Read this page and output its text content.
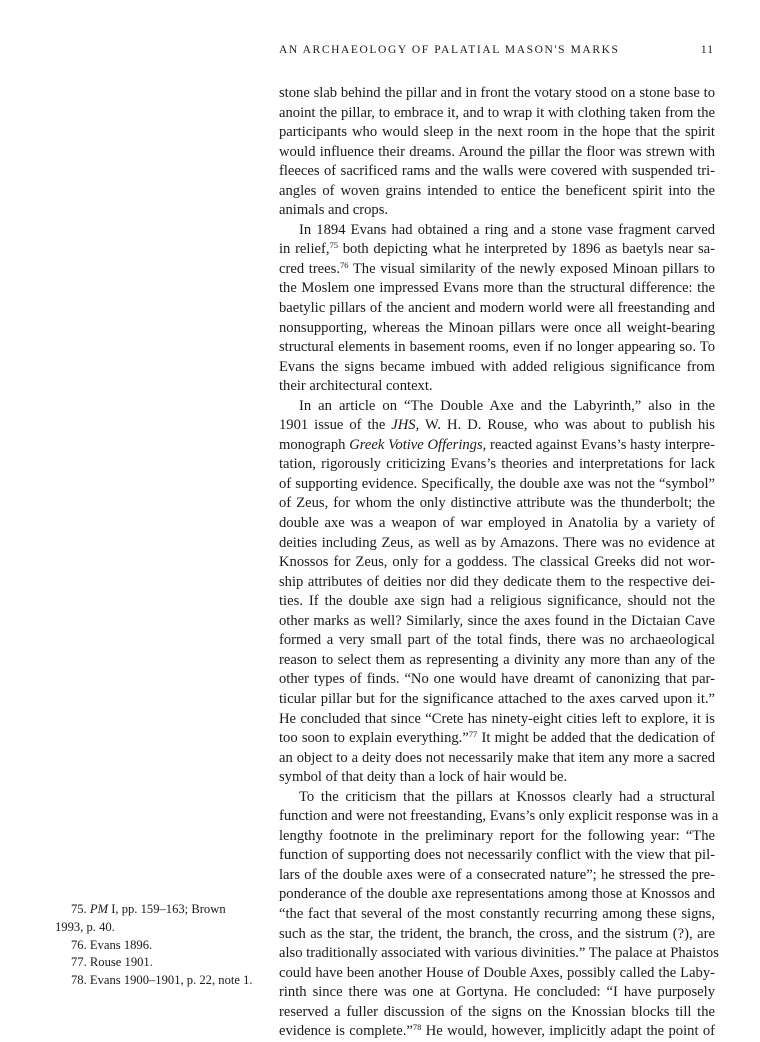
AN ARCHAEOLOGY OF PALATIAL MASON'S MARKS	11
stone slab behind the pillar and in front the votary stood on a stone base to
anoint the pillar, to embrace it, and to wrap it with clothing taken from the
participants who would sleep in the next room in the hope that the spirit
would influence their dreams. Around the pillar the floor was strewn with
fleeces of sacrificed rams and the walls were covered with suspended tri-
angles of woven grains intended to entice the beneficent spirit into the
animals and crops.
In 1894 Evans had obtained a ring and a stone vase fragment carved
in relief,$^{75}$ both depicting what he interpreted by 1896 as baetyls near sa-
cred trees.$^{76}$ The visual similarity of the newly exposed Minoan pillars to
the Moslem one impressed Evans more than the structural difference: the
baetylic pillars of the ancient and modern world were all freestanding and
nonsupporting, whereas the Minoan pillars were once all weight-bearing
structural elements in basement rooms, even if no longer appearing so. To
Evans the signs became imbued with added religious significance from
their architectural context.
In an article on “The Double Axe and the Labyrinth,” also in the
1901 issue of the JHS, W. H. D. Rouse, who was about to publish his
monograph Greek Votive Offerings, reacted against Evans’s hasty interpre-
tation, rigorously criticizing Evans’s theories and interpretations for lack
of supporting evidence. Specifically, the double axe was not the “symbol”
of Zeus, for whom the only distinctive attribute was the thunderbolt; the
double axe was a weapon of war employed in Anatolia by a variety of
deities including Zeus, as well as by Amazons. There was no evidence at
Knossos for Zeus, only for a goddess. The classical Greeks did not wor-
ship attributes of deities nor did they dedicate them to the respective dei-
ties. If the double axe sign had a religious significance, should not the
other marks as well? Similarly, since the axes found in the Dictaian Cave
formed a very small part of the total finds, there was no archaeological
reason to select them as representing a divinity any more than any of the
other types of finds. “No one would have dreamt of canonizing that par-
ticular pillar but for the significance attached to the axes carved upon it.”
He concluded that since “Crete has ninety-eight cities left to explore, it is
too soon to explain everything.”$^{77}$ It might be added that the dedication of
an object to a deity does not necessarily make that item any more a sacred
symbol of that deity than a lock of hair would be.
To the criticism that the pillars at Knossos clearly had a structural
function and were not freestanding, Evans’s only explicit response was in a
lengthy footnote in the preliminary report for the following year: “The
function of supporting does not necessarily conflict with the view that pil-
lars of the double axes were of a consecrated nature”; he stressed the pre-
ponderance of the double axe representations among those at Knossos and
“the fact that several of the most constantly recurring among these signs,
such as the star, the trident, the branch, the cross, and the sistrum (?), are
also traditionally associated with various divinities.” The palace at Phaistos
could have been another House of Double Axes, possibly called the Laby-
rinth since there was one at Gortyna. He concluded: “I have purposely
reserved a fuller discussion of the signs on the Knossian blocks till the
evidence is complete.”$^{78}$ He would, however, implicitly adapt the point of
75. PM I, pp. 159–163; Brown
1993, p. 40.
76. Evans 1896.
77. Rouse 1901.
78. Evans 1900–1901, p. 22, note 1.
